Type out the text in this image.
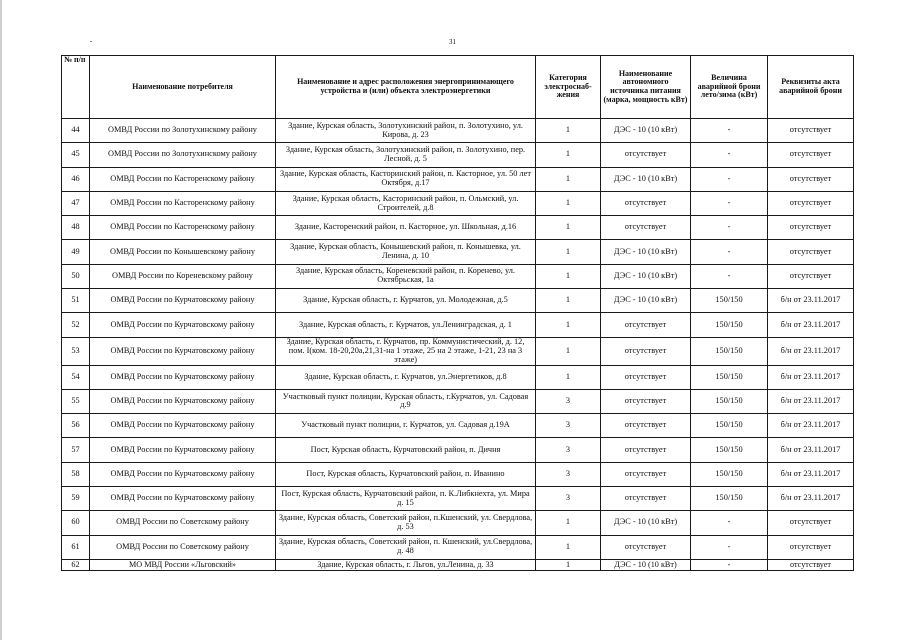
31
№ п/п	Наименование потребителя	Наименование и адрес расположения энергопринимающего устройства и (или) объекта электроэнергетики	Категория электроснаб-жения	Наименование автономного источника питания (марка, мощность кВт)	Величина аварийной брони лето/зима (кВт)	Реквизиты акта аварийной брони
44	ОМВД России по Золотухинскому району	Здание, Курская область, Золотухинский район, п. Золотухино, ул. Кирова, д. 23	1	ДЭС - 10 (10 кВт)	-	отсутствует
45	ОМВД России по Золотухинскому району	Здание, Курская область, Золотухинский район, п. Золотухино, пер. Лесной, д. 5	1	отсутствует	-	отсутствует
46	ОМВД России по Касторенскому району	Здание, Курская область, Касторинский район, п. Касторное, ул. 50 лет Октября, д.17	1	ДЭС - 10 (10 кВт)	-	отсутствует
47	ОМВД России по Касторенскому району	Здание, Курская область, Касторинский район, п. Ольмский, ул. Строителей, д.8	1	отсутствует	-	отсутствует
48	ОМВД России по Касторенскому району	Здание, Касторенский район, п. Касторное, ул. Школьная, д.16	1	отсутствует	-	отсутствует
49	ОМВД России по Конышевскому району	Здание, Курская область, Конышевский район, п. Конышевка, ул. Ленина, д. 10	1	ДЭС - 10 (10 кВт)	-	отсутствует
50	ОМВД России по Кореневскому району	Здание, Курская область, Кореневский район, п. Коренево, ул. Октябрьская, 1а	1	ДЭС - 10 (10 кВт)	-	отсутствует
51	ОМВД России по Курчатовскому району	Здание, Курская область, г. Курчатов, ул. Молодежная, д.5	1	ДЭС - 10 (10 кВт)	150/150	б/н от 23.11.2017
52	ОМВД России по Курчатовскому району	Здание, Курская область, г. Курчатов, ул.Ленинградская, д. 1	1	отсутствует	150/150	б/н от 23.11.2017
53	ОМВД России по Курчатовскому району	Здание, Курская область, г. Курчатов, пр. Коммунистический, д. 12, пом. I(ком. 18-20,20а,21,31-на 1 этаже, 25 на 2 этаже, 1-21, 23 на 3 этаже)	1	отсутствует	150/150	б/н от 23.11.2017
54	ОМВД России по Курчатовскому району	Здание, Курская область, г. Курчатов, ул.Энергетиков, д.8	1	отсутствует	150/150	б/н от 23.11.2017
55	ОМВД России по Курчатовскому району	Участковый пункт полиции, Курская область, г.Курчатов, ул. Садовая д.9	3	отсутствует	150/150	б/н от 23.11.2017
56	ОМВД России по Курчатовскому району	Участковый пункт полиции, г. Курчатов, ул. Садовая д.19А	3	отсутствует	150/150	б/н от 23.11.2017
57	ОМВД России по Курчатовскому району	Пост, Курская область, Курчатовский район, п. Дичня	3	отсутствует	150/150	б/н от 23.11.2017
58	ОМВД России по Курчатовскому району	Пост, Курская область, Курчатовский район, п. Иванино	3	отсутствует	150/150	б/н от 23.11.2017
59	ОМВД России по Курчатовскому району	Пост, Курская область, Курчатовский район, п. К.Либкнехта, ул. Мира д. 15	3	отсутствует	150/150	б/н от 23.11.2017
60	ОМВД России по Советскому району	Здание, Курская область, Советский район, п.Кшенский, ул. Свердлова, д. 53	1	ДЭС - 10 (10 кВт)	-	отсутствует
61	ОМВД России по Советскому району	Здание, Курская область, Советский район, п. Кшенский, ул.Свердлова, д. 48	1	отсутствует	-	отсутствует
62	МО МВД России «Льговский»	Здание, Курская область, г. Льгов, ул.Ленина, д. 33	1	ДЭС - 10 (10 кВт)	-	отсутствует
